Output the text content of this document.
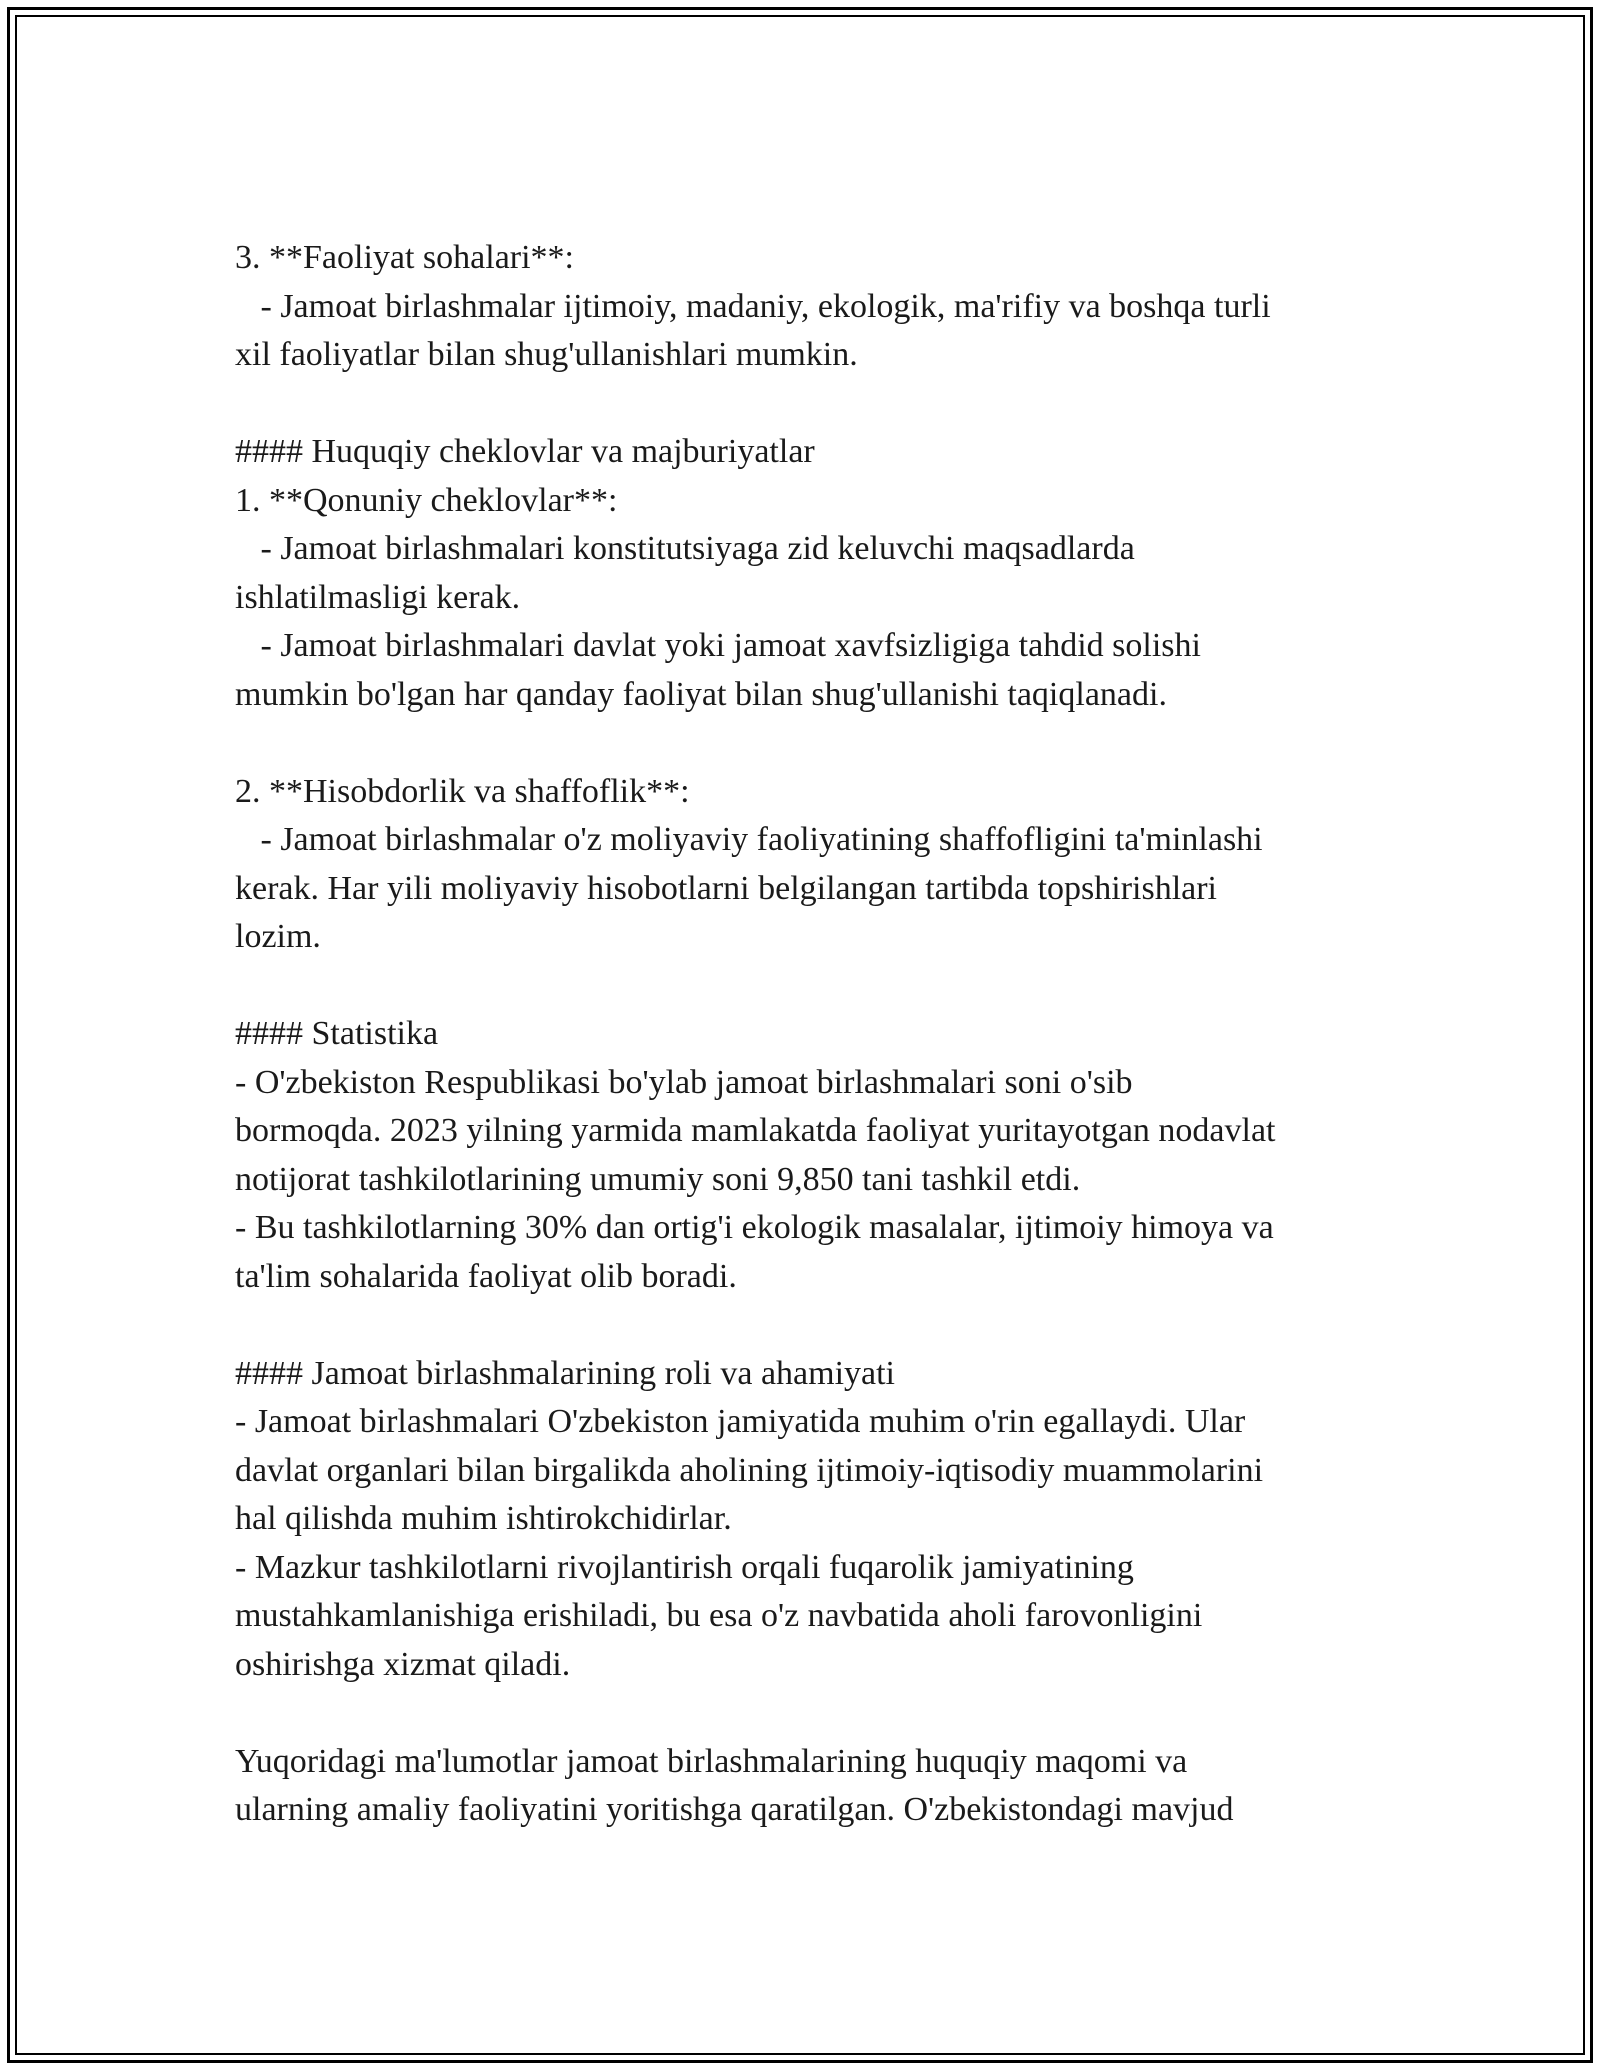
3. **Faoliyat sohalari**:
- Jamoat birlashmalar ijtimoiy, madaniy, ekologik, ma'rifiy va boshqa turli
xil faoliyatlar bilan shug'ullanishlari mumkin.
#### Huquqiy cheklovlar va majburiyatlar
1. **Qonuniy cheklovlar**:
- Jamoat birlashmalari konstitutsiyaga zid keluvchi maqsadlarda
ishlatilmasligi kerak.
- Jamoat birlashmalari davlat yoki jamoat xavfsizligiga tahdid solishi
mumkin bo'lgan har qanday faoliyat bilan shug'ullanishi taqiqlanadi.
2. **Hisobdorlik va shaffoflik**:
- Jamoat birlashmalar o'z moliyaviy faoliyatining shaffofligini ta'minlashi
kerak. Har yili moliyaviy hisobotlarni belgilangan tartibda topshirishlari
lozim.
#### Statistika
- O'zbekiston Respublikasi bo'ylab jamoat birlashmalari soni o'sib
bormoqda. 2023 yilning yarmida mamlakatda faoliyat yuritayotgan nodavlat
notijorat tashkilotlarining umumiy soni 9,850 tani tashkil etdi.
- Bu tashkilotlarning 30% dan ortig'i ekologik masalalar, ijtimoiy himoya va
ta'lim sohalarida faoliyat olib boradi.
#### Jamoat birlashmalarining roli va ahamiyati
- Jamoat birlashmalari O'zbekiston jamiyatida muhim o'rin egallaydi. Ular
davlat organlari bilan birgalikda aholining ijtimoiy-iqtisodiy muammolarini
hal qilishda muhim ishtirokchidirlar.
- Mazkur tashkilotlarni rivojlantirish orqali fuqarolik jamiyatining
mustahkamlanishiga erishiladi, bu esa o'z navbatida aholi farovonligini
oshirishga xizmat qiladi.
Yuqoridagi ma'lumotlar jamoat birlashmalarining huquqiy maqomi va
ularning amaliy faoliyatini yoritishga qaratilgan. O'zbekistondagi mavjud
